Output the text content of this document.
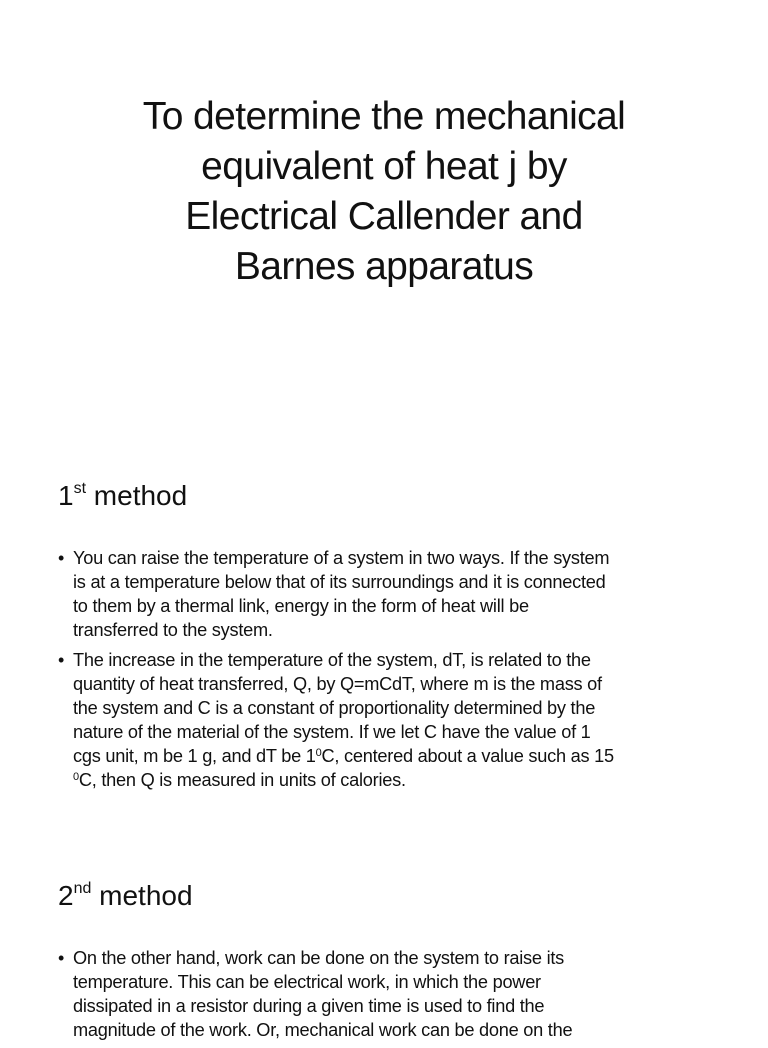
To determine the mechanical
equivalent of heat j by
Electrical Callender and
Barnes apparatus
1st method
• You can raise the temperature of a system in two ways. If the system
is at a temperature below that of its surroundings and it is connected
to them by a thermal link, energy in the form of heat will be
transferred to the system.
• The increase in the temperature of the system, dT, is related to the
quantity of heat transferred, Q, by Q=mCdT, where m is the mass of
the system and C is a constant of proportionality determined by the
nature of the material of the system. If we let C have the value of 1
cgs unit, m be 1 g, and dT be $1^0C$, centered about a value such as 15
$^0$C, then Q is measured in units of calories.
2nd method
• On the other hand, work can be done on the system to raise its
temperature. This can be electrical work, in which the power
dissipated in a resistor during a given time is used to find the
magnitude of the work. Or, mechanical work can be done on the
